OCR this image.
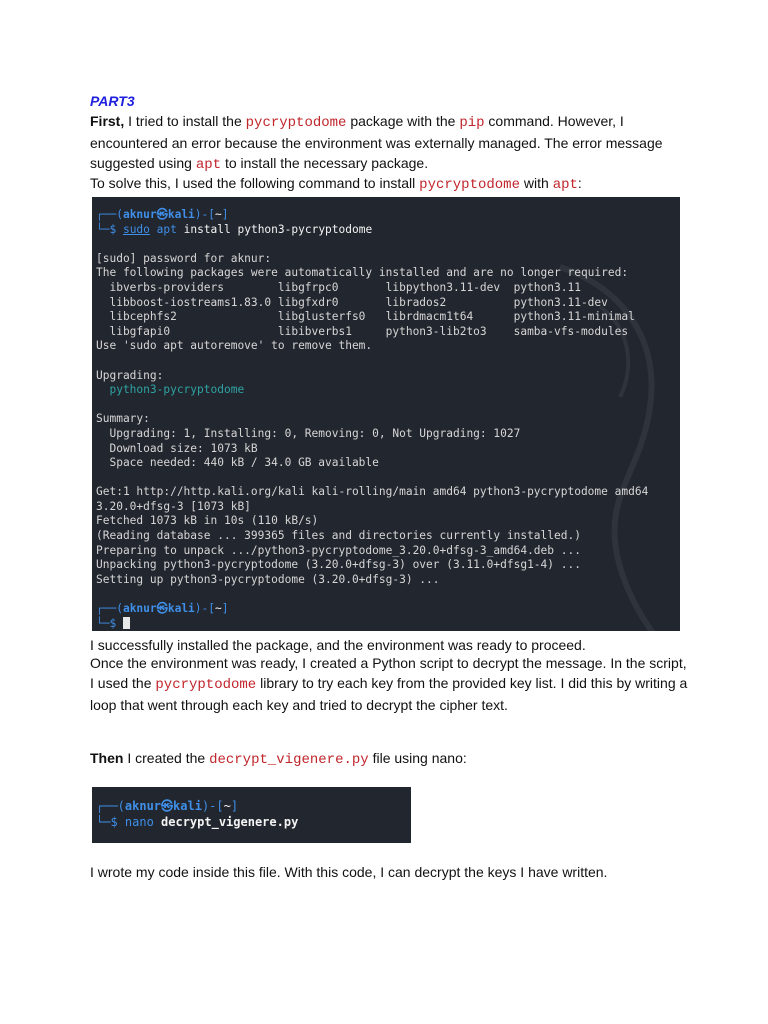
PART3

First, I tried to install the pycryptodome package with the pip command. However, I encountered an error because the environment was externally managed. The error message suggested using apt to install the necessary package.

To solve this, I used the following command to install pycryptodome with apt:

┌──(aknur㉿kali)-[~]
└─$ sudo apt install python3-pycryptodome
[sudo] password for aknur:
The following packages were automatically installed and are no longer required:
ibverbs-providers        libgfrpc0       libpython3.11-dev  python3.11
libboost-iostreams1.83.0 libgfxdr0       librados2          python3.11-dev
libcephfs2               libglusterfs0   librdmacm1t64      python3.11-minimal
libgfapi0                libibverbs1     python3-lib2to3    samba-vfs-modules
Use 'sudo apt autoremove' to remove them.
Upgrading:
python3-pycryptodome
Summary:
Upgrading: 1, Installing: 0, Removing: 0, Not Upgrading: 1027
Download size: 1073 kB
Space needed: 440 kB / 34.0 GB available
Get:1 http://http.kali.org/kali kali-rolling/main amd64 python3-pycryptodome amd64
3.20.0+dfsg-3 [1073 kB]
Fetched 1073 kB in 10s (110 kB/s)
(Reading database ... 399365 files and directories currently installed.)
Preparing to unpack .../python3-pycryptodome_3.20.0+dfsg-3_amd64.deb ...
Unpacking python3-pycryptodome (3.20.0+dfsg-3) over (3.11.0+dfsg1-4) ...
Setting up python3-pycryptodome (3.20.0+dfsg-3) ...
┌──(aknur㉿kali)-[~]
└─$

I successfully installed the package, and the environment was ready to proceed.

Once the environment was ready, I created a Python script to decrypt the message. In the script, I used the pycryptodome library to try each key from the provided key list. I did this by writing a loop that went through each key and tried to decrypt the cipher text.

Then I created the decrypt_vigenere.py file using nano:

┌──(aknur㉿kali)-[~]
└─$ nano decrypt_vigenere.py

I wrote my code inside this file. With this code, I can decrypt the keys I have written.
